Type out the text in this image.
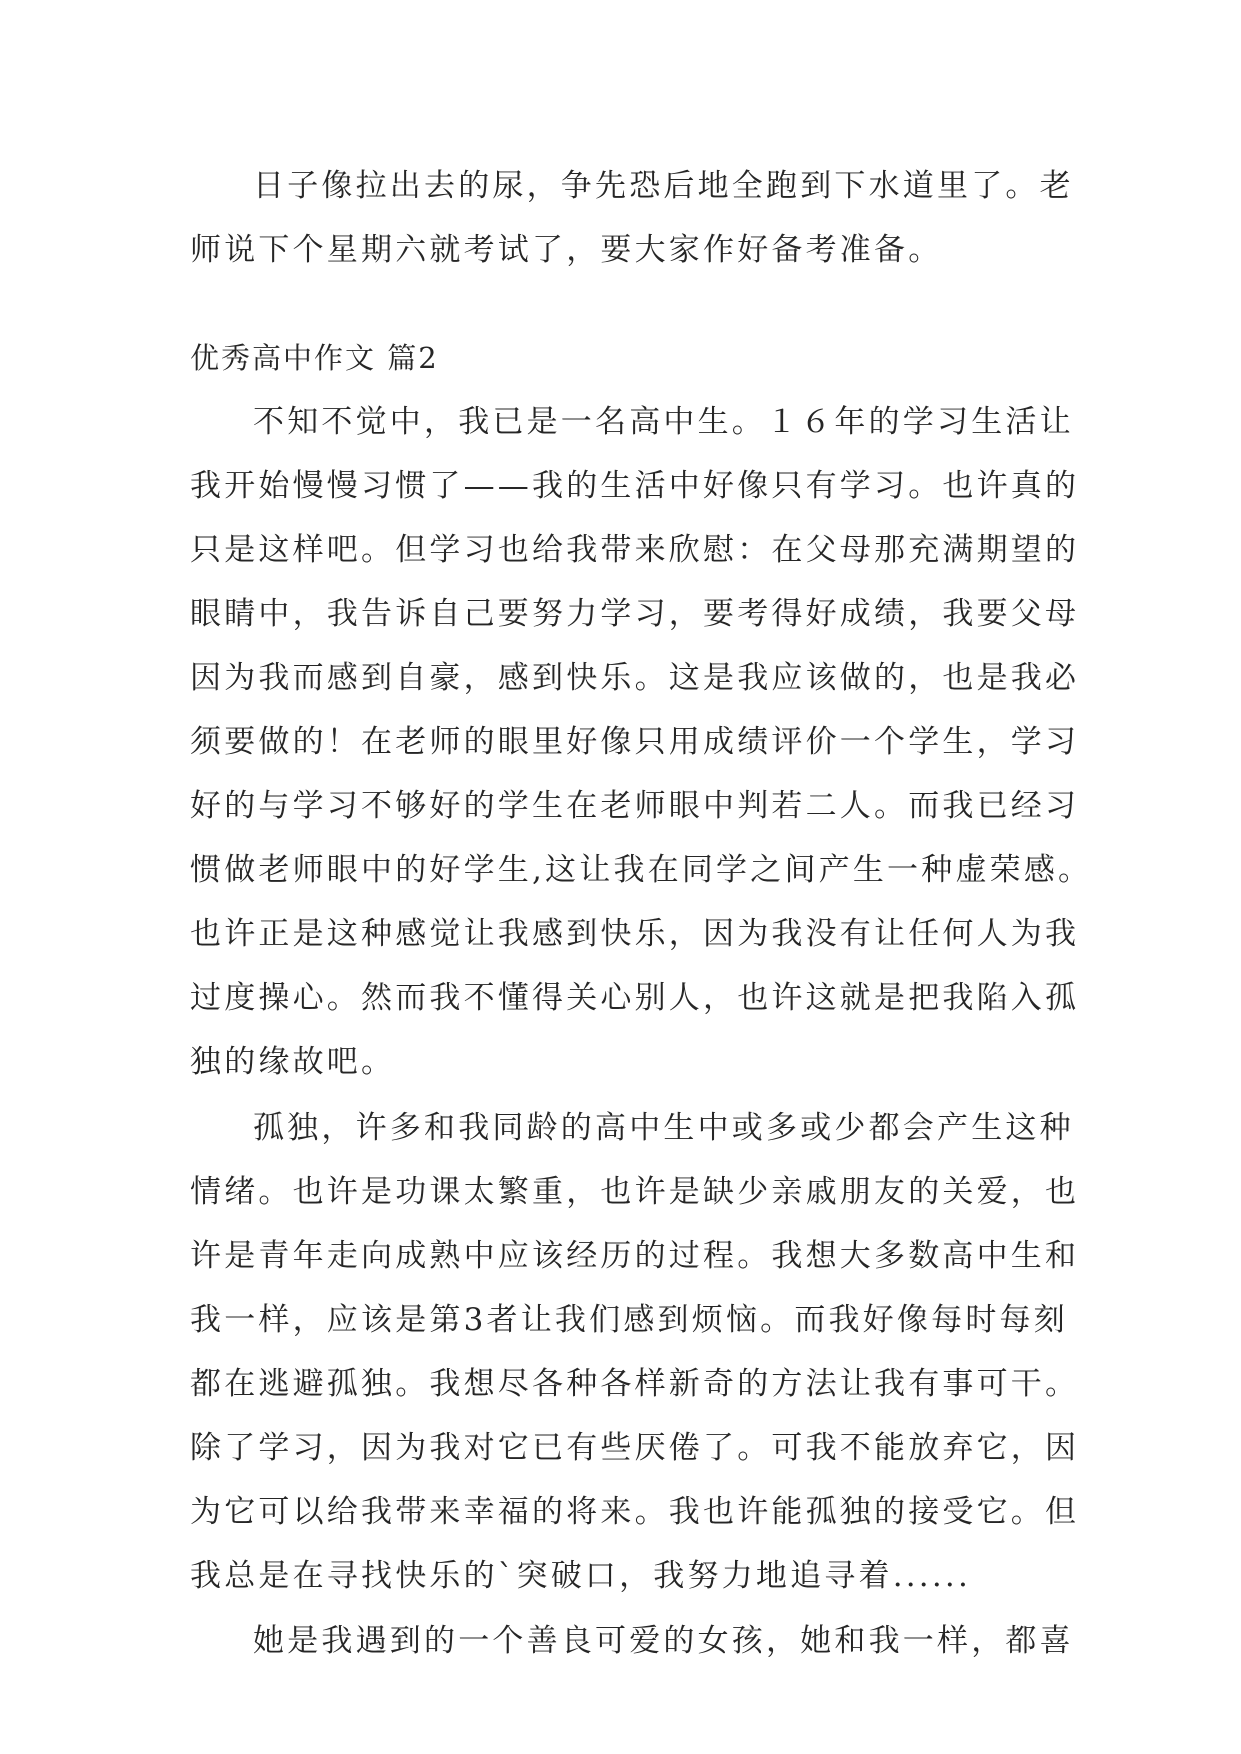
日子像拉出去的尿，争先恐后地全跑到下水道里了。老
师说下个星期六就考试了，要大家作好备考准备。
优秀高中作文 篇2
不知不觉中，我已是一名高中生。１６年的学习生活让
我开始慢慢习惯了——我的生活中好像只有学习。也许真的
只是这样吧。但学习也给我带来欣慰：在父母那充满期望的
眼睛中，我告诉自己要努力学习，要考得好成绩，我要父母
因为我而感到自豪，感到快乐。这是我应该做的，也是我必
须要做的！在老师的眼里好像只用成绩评价一个学生，学习
好的与学习不够好的学生在老师眼中判若二人。而我已经习
惯做老师眼中的好学生,这让我在同学之间产生一种虚荣感。
也许正是这种感觉让我感到快乐，因为我没有让任何人为我
过度操心。然而我不懂得关心别人，也许这就是把我陷入孤
独的缘故吧。
孤独，许多和我同龄的高中生中或多或少都会产生这种
情绪。也许是功课太繁重，也许是缺少亲戚朋友的关爱，也
许是青年走向成熟中应该经历的过程。我想大多数高中生和
我一样，应该是第3者让我们感到烦恼。而我好像每时每刻
都在逃避孤独。我想尽各种各样新奇的方法让我有事可干。
除了学习，因为我对它已有些厌倦了。可我不能放弃它，因
为它可以给我带来幸福的将来。我也许能孤独的接受它。但
我总是在寻找快乐的`突破口，我努力地追寻着......
她是我遇到的一个善良可爱的女孩，她和我一样，都喜
